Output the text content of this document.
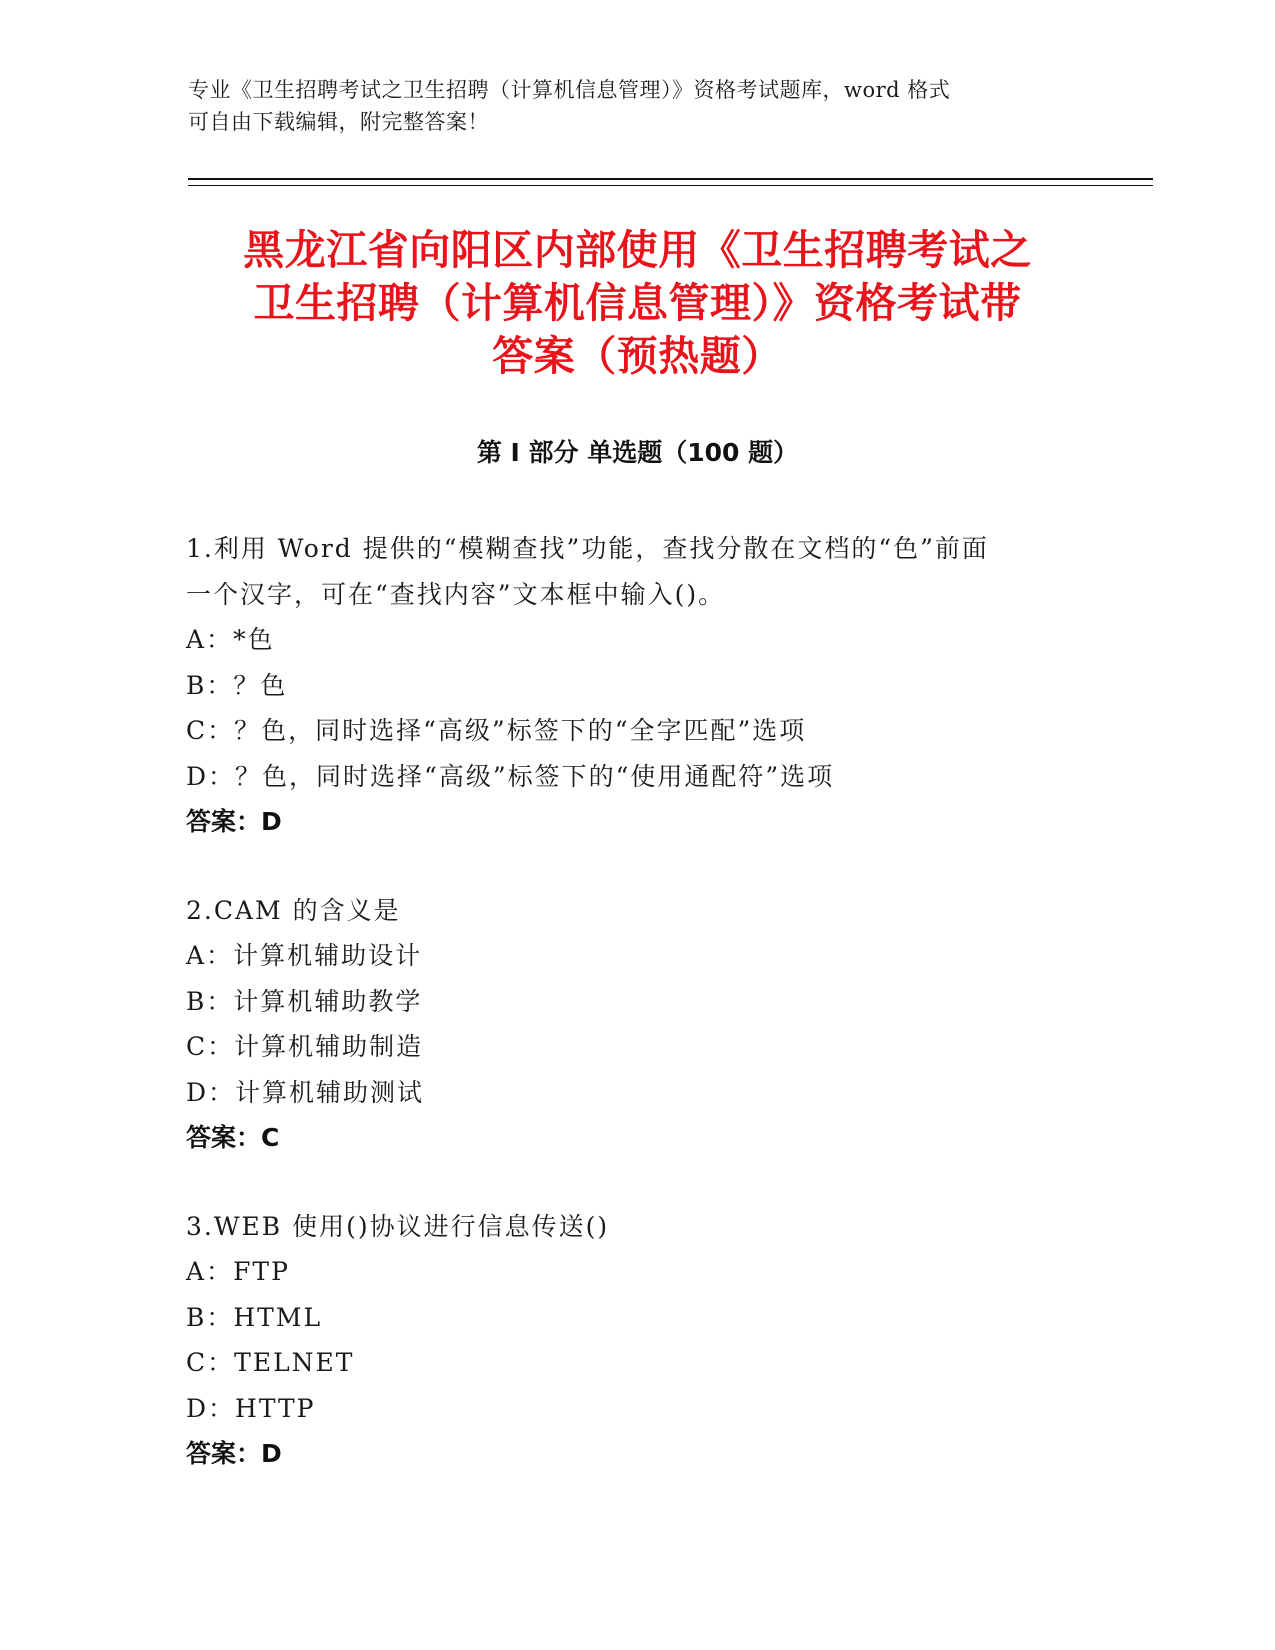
专业《卫生招聘考试之卫生招聘（计算机信息管理）》资格考试题库，word 格式
可自由下载编辑，附完整答案！
黑龙江省向阳区内部使用《卫生招聘考试之
卫生招聘（计算机信息管理）》资格考试带
答案（预热题）
第 I 部分 单选题（100 题）

1.利用 Word 提供的“模糊查找”功能，查找分散在文档的“色”前面

一个汉字，可在“查找内容”文本框中输入()。

A： *色

B： ？色

C： ？色，同时选择“高级”标签下的“全字匹配”选项

D： ？色，同时选择“高级”标签下的“使用通配符”选项

答案：D

2.CAM 的含义是

A： 计算机辅助设计

B： 计算机辅助教学

C： 计算机辅助制造

D： 计算机辅助测试

答案：C

3.WEB 使用()协议进行信息传送()

A： FTP

B： HTML

C： TELNET

D： HTTP

答案：D
